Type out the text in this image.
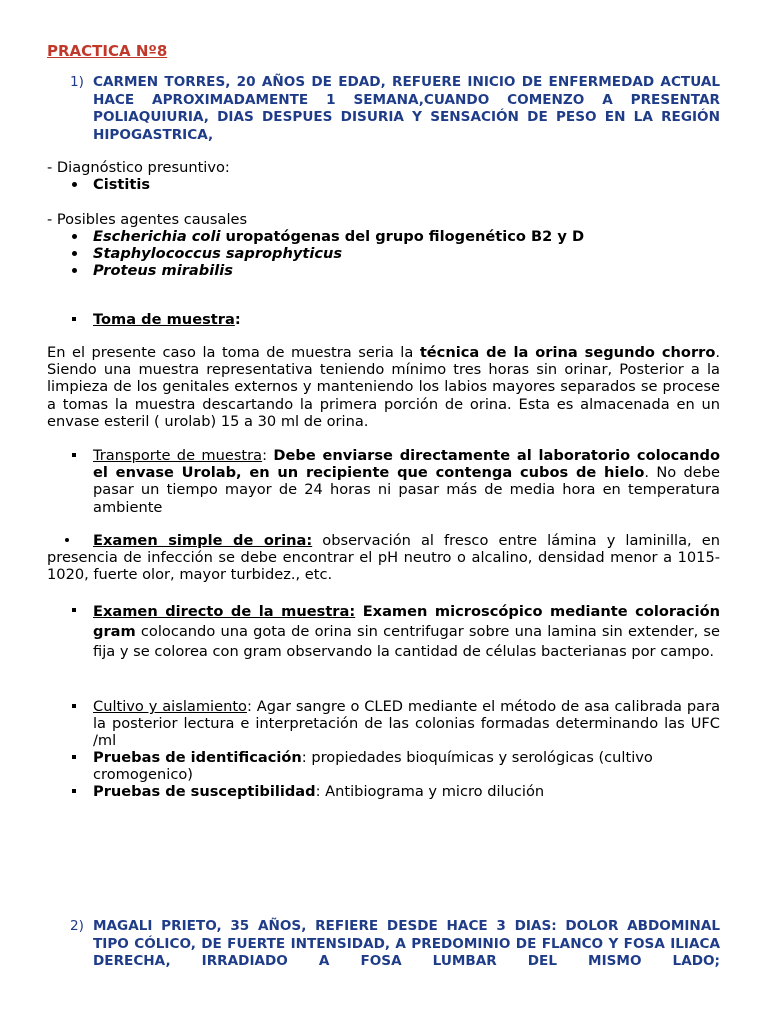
PRACTICA Nº8
1) CARMEN TORRES, 20 AÑOS DE EDAD, REFUERE INICIO DE ENFERMEDAD ACTUAL HACE APROXIMADAMENTE 1 SEMANA,CUANDO COMENZO A PRESENTAR POLIAQUIURIA, DIAS DESPUES DISURIA Y SENSACIÓN DE PESO EN LA REGIÓN HIPOGASTRICA,
- Diagnóstico presuntivo:
Cistitis
- Posibles agentes causales
Escherichia coli uropatógenas del grupo filogenético B2 y D
Staphylococcus saprophyticus
Proteus mirabilis
Toma de muestra:
En el presente caso la toma de muestra seria la técnica de la orina segundo chorro. Siendo una muestra representativa teniendo mínimo tres horas sin orinar, Posterior a la limpieza de los genitales externos y manteniendo los labios mayores separados se procese a tomas la muestra descartando la primera porción de orina. Esta es almacenada en un envase esteril ( urolab) 15 a 30 ml de orina.
Transporte de muestra: Debe enviarse directamente al laboratorio colocando el envase Urolab, en un recipiente que contenga cubos de hielo. No debe pasar un tiempo mayor de 24 horas ni pasar más de media hora en temperatura ambiente
Examen simple de orina: observación al fresco entre lámina y laminilla, en presencia de infección se debe encontrar el pH neutro o alcalino, densidad menor a 1015-1020, fuerte olor, mayor turbidez., etc.
Examen directo de la muestra: Examen microscópico mediante coloración gram colocando una gota de orina sin centrifugar sobre una lamina sin extender, se fija y se colorea con gram observando la cantidad de células bacterianas por campo.
Cultivo y aislamiento: Agar sangre o CLED mediante el método de asa calibrada para la posterior lectura e interpretación de las colonias formadas determinando las UFC /ml
Pruebas de identificación: propiedades bioquímicas y serológicas (cultivo cromogenico)
Pruebas de susceptibilidad: Antibiograma y micro dilución
2) MAGALI PRIETO, 35 AÑOS, REFIERE DESDE HACE 3 DIAS: DOLOR ABDOMINAL TIPO CÓLICO, DE FUERTE INTENSIDAD, A PREDOMINIO DE FLANCO Y FOSA ILIACA DERECHA, IRRADIADO A FOSA LUMBAR DEL MISMO LADO;
